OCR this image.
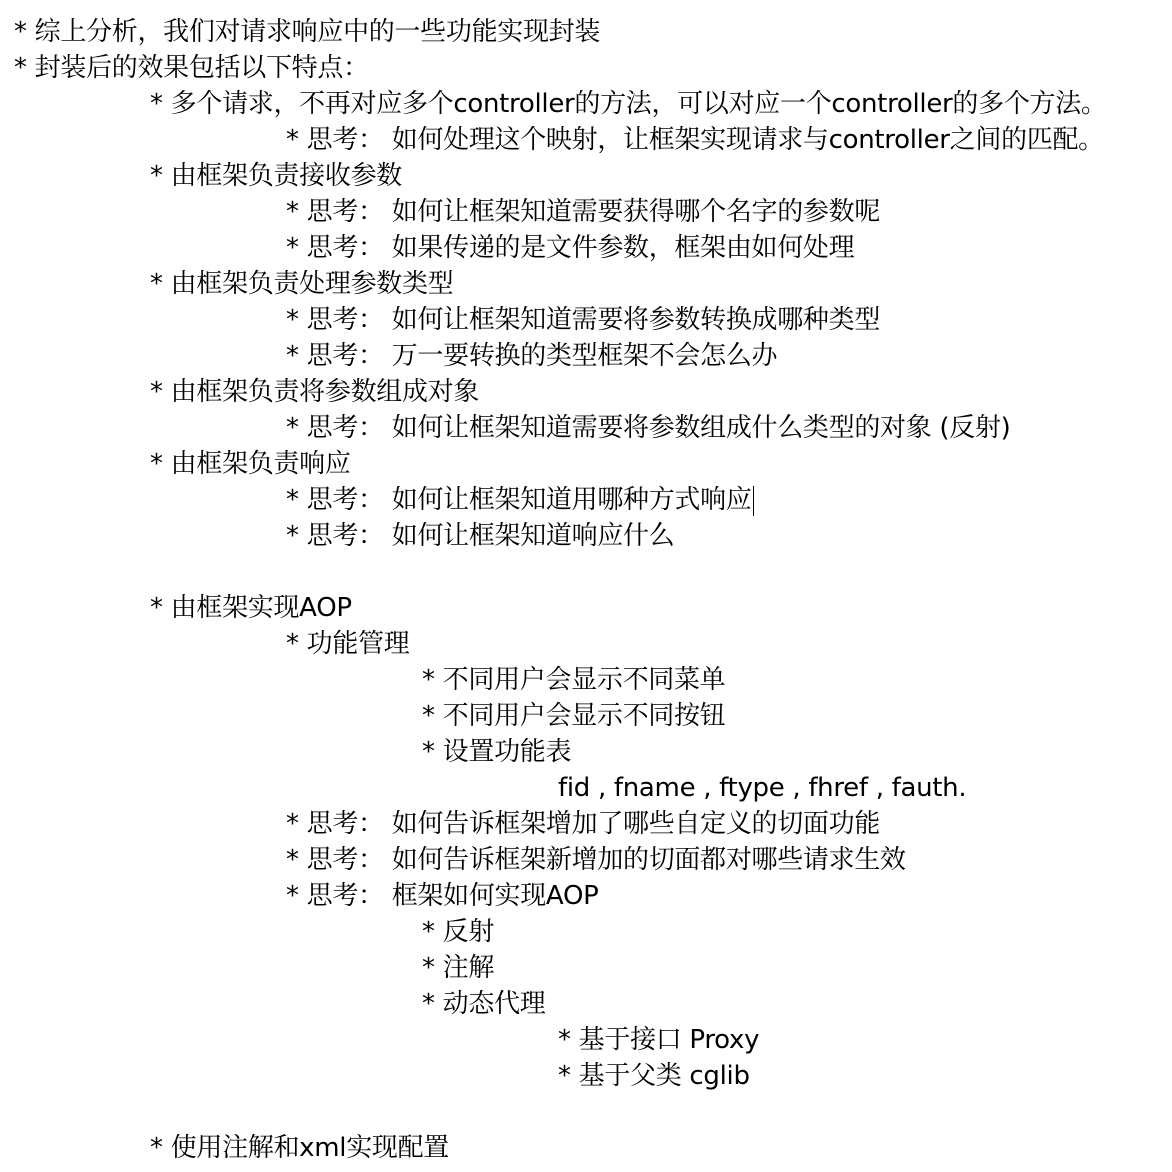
* 综上分析，我们对请求响应中的一些功能实现封装
* 封装后的效果包括以下特点：
* 多个请求，不再对应多个controller的方法，可以对应一个controller的多个方法。
* 思考： 如何处理这个映射，让框架实现请求与controller之间的匹配。
* 由框架负责接收参数
* 思考： 如何让框架知道需要获得哪个名字的参数呢
* 思考： 如果传递的是文件参数，框架由如何处理
* 由框架负责处理参数类型
* 思考： 如何让框架知道需要将参数转换成哪种类型
* 思考： 万一要转换的类型框架不会怎么办
* 由框架负责将参数组成对象
* 思考： 如何让框架知道需要将参数组成什么类型的对象 (反射)
* 由框架负责响应
* 思考： 如何让框架知道用哪种方式响应
* 思考： 如何让框架知道响应什么
* 由框架实现AOP
* 功能管理
* 不同用户会显示不同菜单
* 不同用户会显示不同按钮
* 设置功能表
fid , fname , ftype , fhref , fauth.
* 思考： 如何告诉框架增加了哪些自定义的切面功能
* 思考： 如何告诉框架新增加的切面都对哪些请求生效
* 思考： 框架如何实现AOP
* 反射
* 注解
* 动态代理
* 基于接口 Proxy
* 基于父类 cglib
* 使用注解和xml实现配置
